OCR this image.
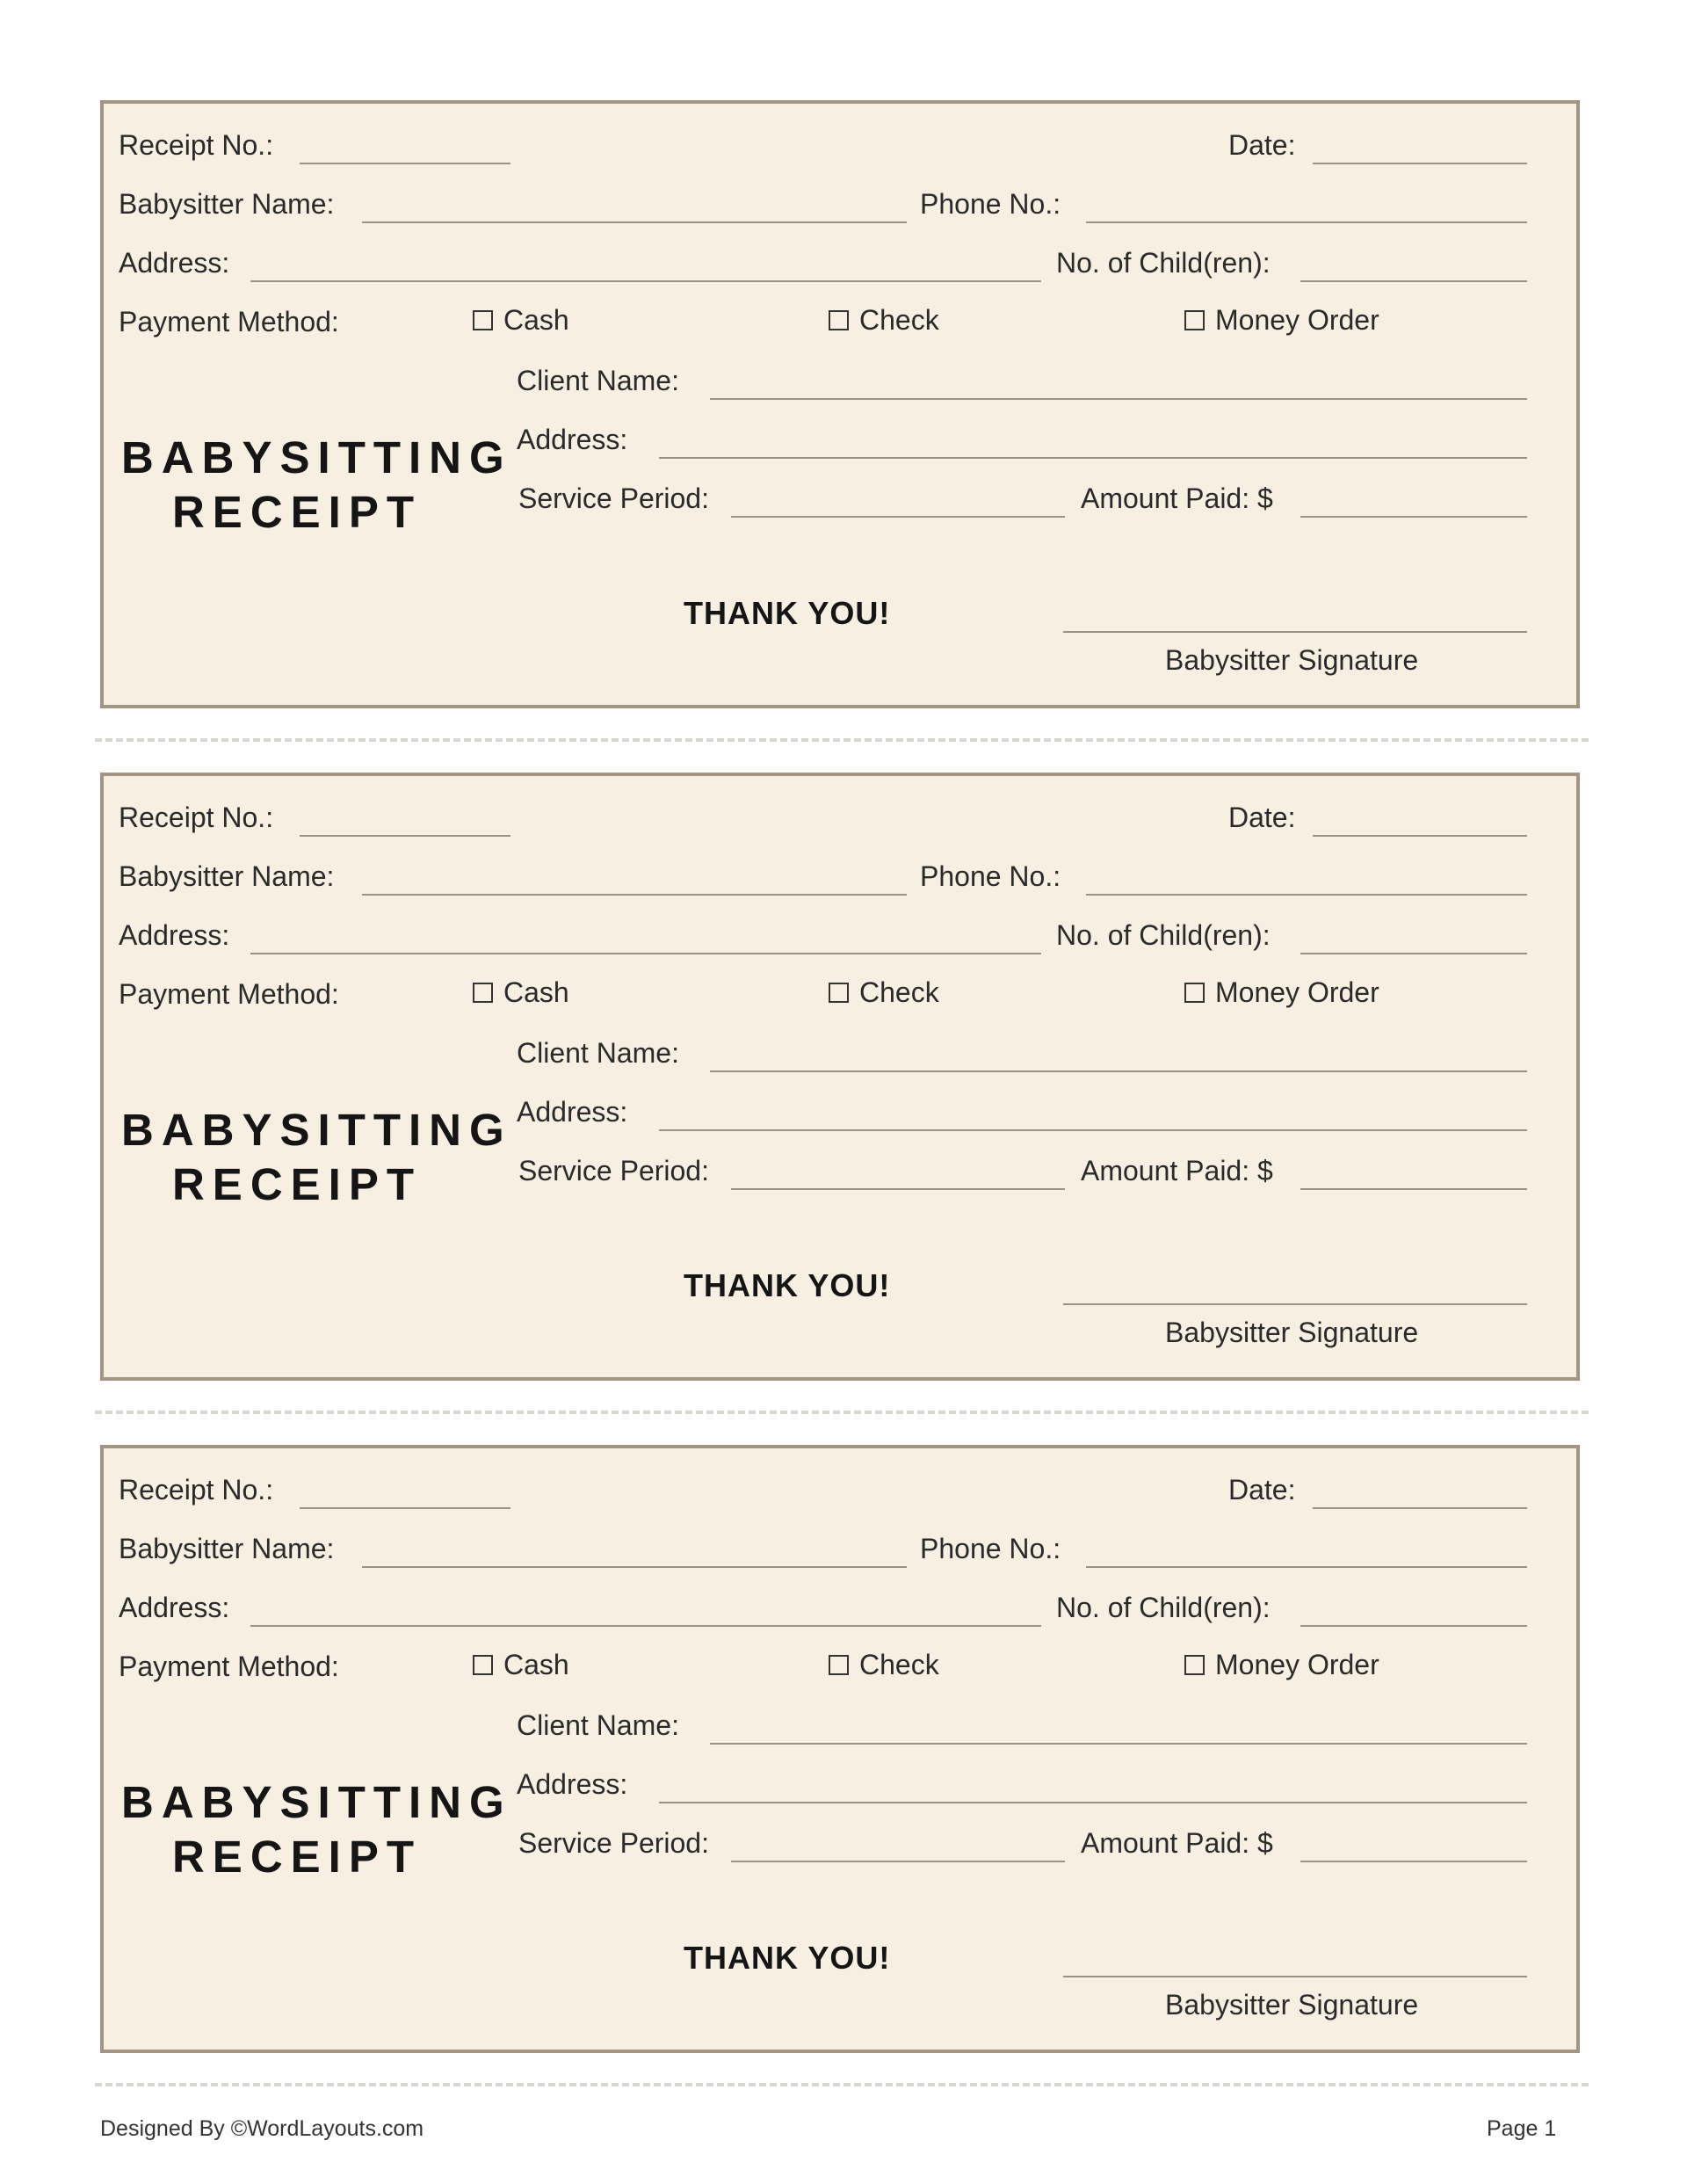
Receipt No.:	Date:
Babysitter Name:	Phone No.:
Address:	No. of Child(ren):
Payment Method:	Cash	Check	Money Order
BABYSITTING
RECEIPT
Client Name:
Address:
Service Period:	Amount Paid: $
THANK YOU!
Babysitter Signature
Receipt No.:	Date:
Babysitter Name:	Phone No.:
Address:	No. of Child(ren):
Payment Method:	Cash	Check	Money Order
BABYSITTING
RECEIPT
Client Name:
Address:
Service Period:	Amount Paid: $
THANK YOU!
Babysitter Signature
Receipt No.:	Date:
Babysitter Name:	Phone No.:
Address:	No. of Child(ren):
Payment Method:	Cash	Check	Money Order
BABYSITTING
RECEIPT
Client Name:
Address:
Service Period:	Amount Paid: $
THANK YOU!
Babysitter Signature
Designed By ©WordLayouts.com	Page 1
